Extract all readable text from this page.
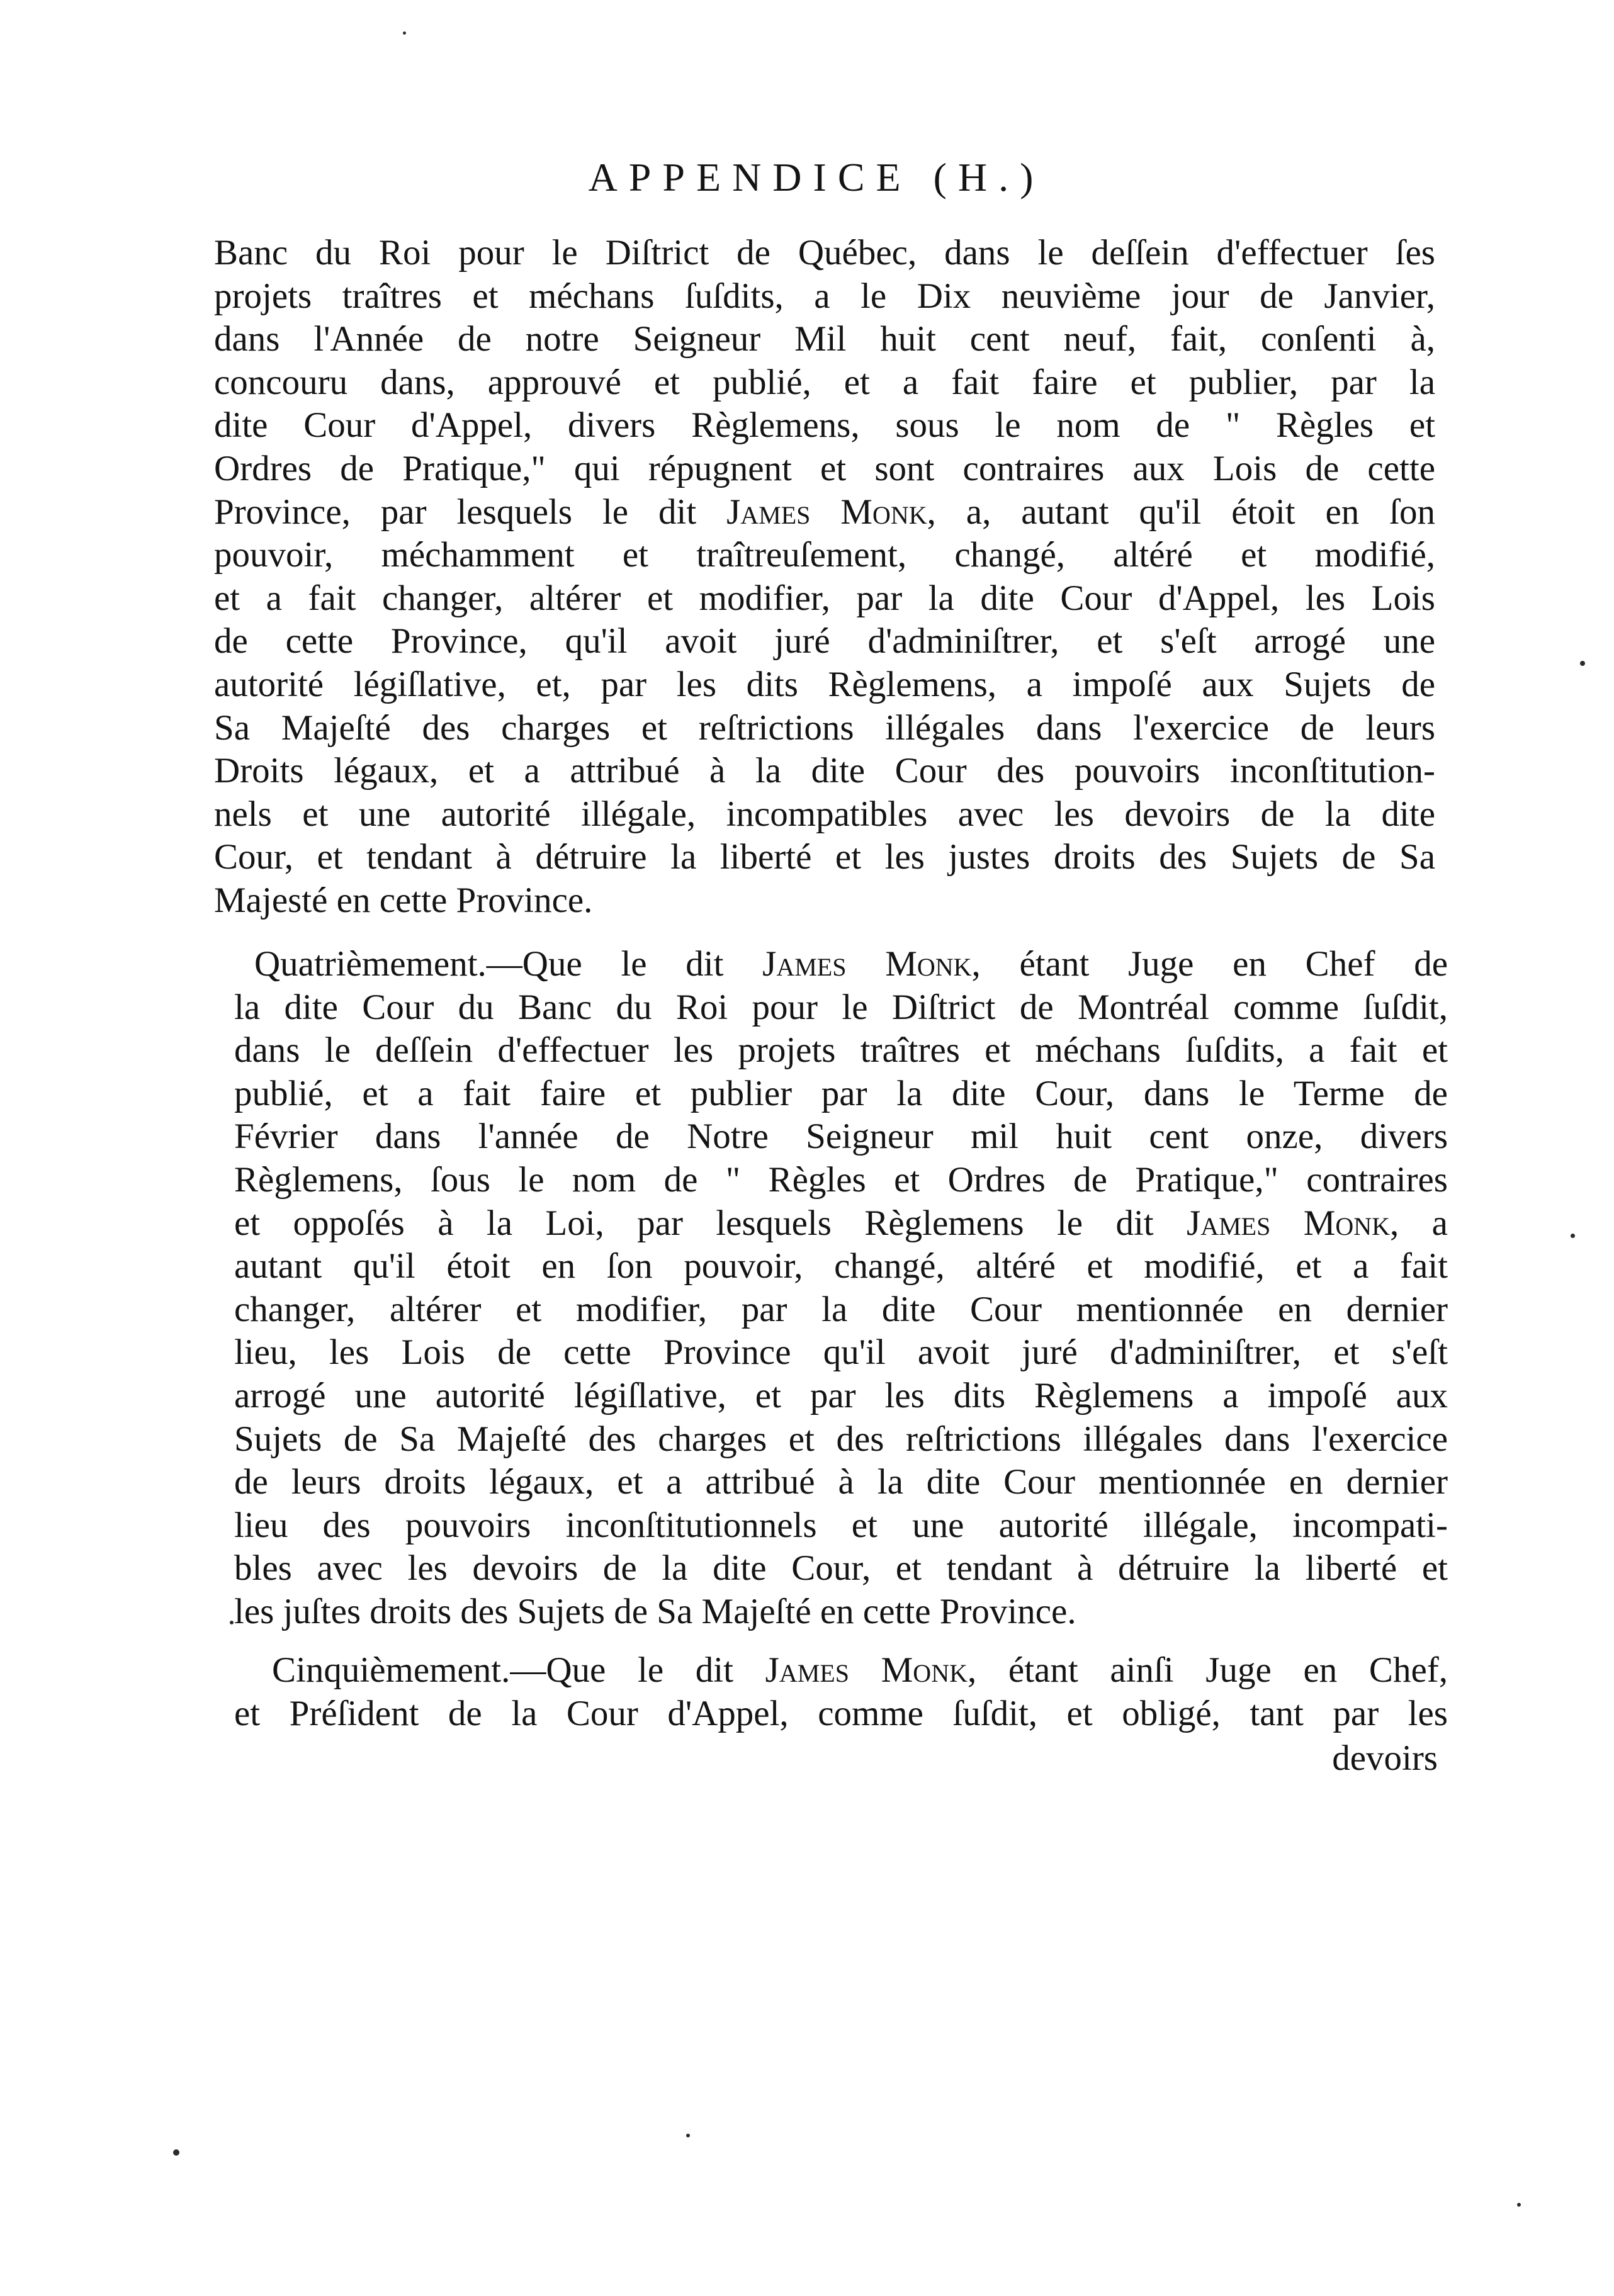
APPENDICE (H.)
Banc du Roi pour le Diſtrict de Québec, dans le deſſein d'effectuer ſes
projets traîtres et méchans ſuſdits, a le Dix neuvième jour de Janvier,
dans l'Année de notre Seigneur Mil huit cent neuf, fait, conſenti à,
concouru dans, approuvé et publié, et a fait faire et publier, par la
dite Cour d'Appel, divers Règlemens, sous le nom de " Règles et
Ordres de Pratique," qui répugnent et sont contraires aux Lois de cette
Province, par lesquels le dit James Monk, a, autant qu'il étoit en ſon
pouvoir, méchamment et traîtreuſement, changé, altéré et modifié,
et a fait changer, altérer et modifier, par la dite Cour d'Appel, les Lois
de cette Province, qu'il avoit juré d'adminiſtrer, et s'eſt arrogé une
autorité légiſlative, et, par les dits Règlemens, a impoſé aux Sujets de
Sa Majeſté des charges et reſtrictions illégales dans l'exercice de leurs
Droits légaux, et a attribué à la dite Cour des pouvoirs inconſtitution-
nels et une autorité illégale, incompatibles avec les devoirs de la dite
Cour, et tendant à détruire la liberté et les justes droits des Sujets de Sa
Majesté en cette Province.
Quatrièmement.—Que le dit James Monk, étant Juge en Chef de
la dite Cour du Banc du Roi pour le Diſtrict de Montréal comme ſuſdit,
dans le deſſein d'effectuer les projets traîtres et méchans ſuſdits, a fait et
publié, et a fait faire et publier par la dite Cour, dans le Terme de
Février dans l'année de Notre Seigneur mil huit cent onze, divers
Règlemens, ſous le nom de " Règles et Ordres de Pratique," contraires
et oppoſés à la Loi, par lesquels Règlemens le dit James Monk, a
autant qu'il étoit en ſon pouvoir, changé, altéré et modifié, et a fait
changer, altérer et modifier, par la dite Cour mentionnée en dernier
lieu, les Lois de cette Province qu'il avoit juré d'adminiſtrer, et s'eſt
arrogé une autorité légiſlative, et par les dits Règlemens a impoſé aux
Sujets de Sa Majeſté des charges et des reſtrictions illégales dans l'exercice
de leurs droits légaux, et a attribué à la dite Cour mentionnée en dernier
lieu des pouvoirs inconſtitutionnels et une autorité illégale, incompati-
bles avec les devoirs de la dite Cour, et tendant à détruire la liberté et
les juſtes droits des Sujets de Sa Majeſté en cette Province.
Cinquièmement.—Que le dit James Monk, étant ainſi Juge en Chef,
et Préſident de la Cour d'Appel, comme ſuſdit, et obligé, tant par les
devoirs
